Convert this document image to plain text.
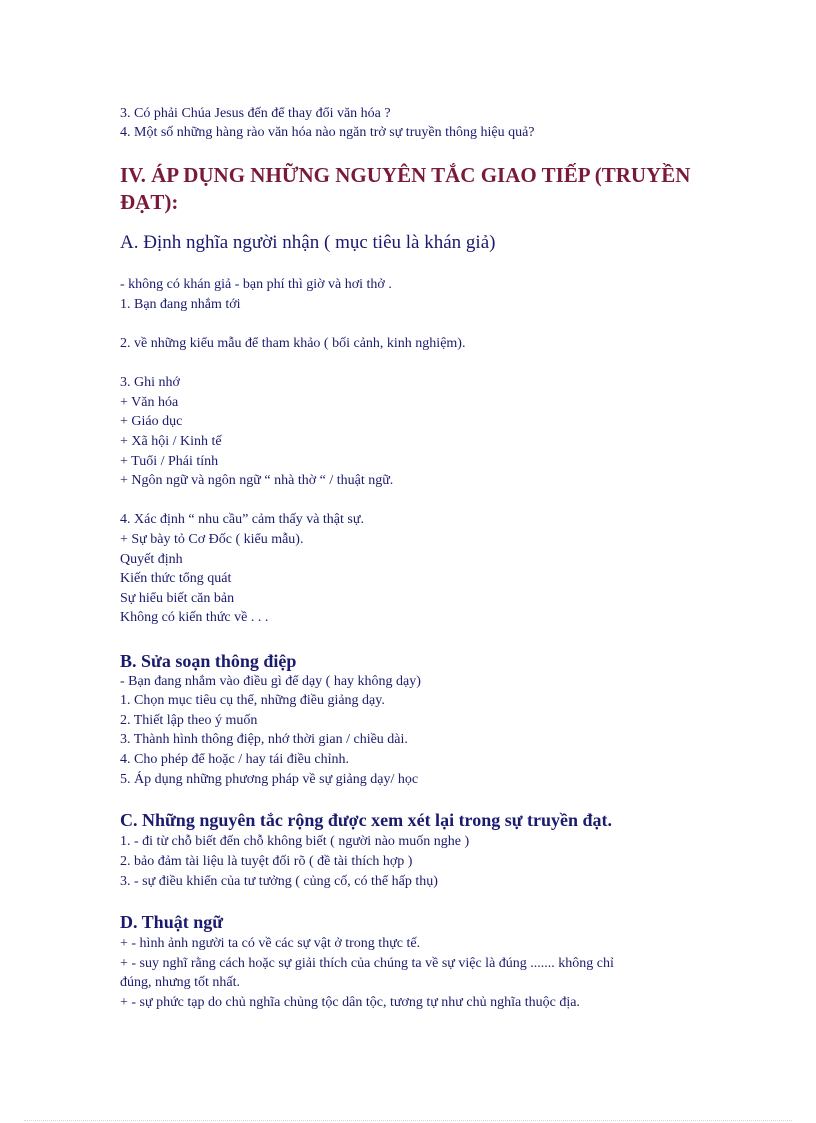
3. Có phải Chúa Jesus đến để thay đổi văn hóa ?
4. Một số những hàng rào văn hóa nào ngăn trở sự truyền thông hiệu quả?
IV. ÁP DỤNG NHỮNG NGUYÊN TẮC GIAO TIẾP (TRUYỀN
ĐẠT):
A. Định nghĩa người nhận ( mục tiêu là khán giả)
- không có khán giả - bạn phí thì giờ và hơi thở .
1. Bạn đang nhắm tới
2. về những kiểu mẫu để tham khảo ( bối cảnh, kinh nghiệm).
3. Ghi nhớ
+ Văn hóa
+ Giáo dục
+ Xã hội / Kinh tế
+ Tuổi / Phái tính
+ Ngôn ngữ và ngôn ngữ “ nhà thờ “ / thuật ngữ.
4. Xác định “ nhu cầu” cảm thấy và thật sự.
+ Sự bày tỏ Cơ Đốc ( kiểu mẫu).
Quyết định
Kiến thức tổng quát
Sự hiểu biết căn bản
Không có kiến thức về . . .
B. Sửa soạn thông điệp
- Bạn đang nhắm vào điều gì để dạy ( hay không dạy)
1. Chọn mục tiêu cụ thể, những điều giảng dạy.
2. Thiết lập theo ý muốn
3. Thành hình thông điệp, nhớ thời gian / chiều dài.
4. Cho phép để hoặc / hay tái điều chỉnh.
5. Áp dụng những phương pháp về sự giảng dạy/ học
C. Những nguyên tắc rộng được xem xét lại trong sự truyền đạt.
1. - đi từ chỗ biết đến chỗ không biết ( người nào muốn nghe )
2. bảo đảm tài liệu là tuyệt đối rõ ( đề tài thích hợp )
3. - sự điều khiển của tư tưởng ( củng cố, có thể hấp thụ)
D. Thuật ngữ
+ - hình ảnh người ta có về các sự vật ở trong thực tế.
+ - suy nghĩ rằng cách hoặc sự giải thích của chúng ta về sự việc là đúng ....... không chỉ
đúng, nhưng tốt nhất.
+ - sự phức tạp do chủ nghĩa chủng tộc dân tộc, tương tự như chủ nghĩa thuộc địa.
